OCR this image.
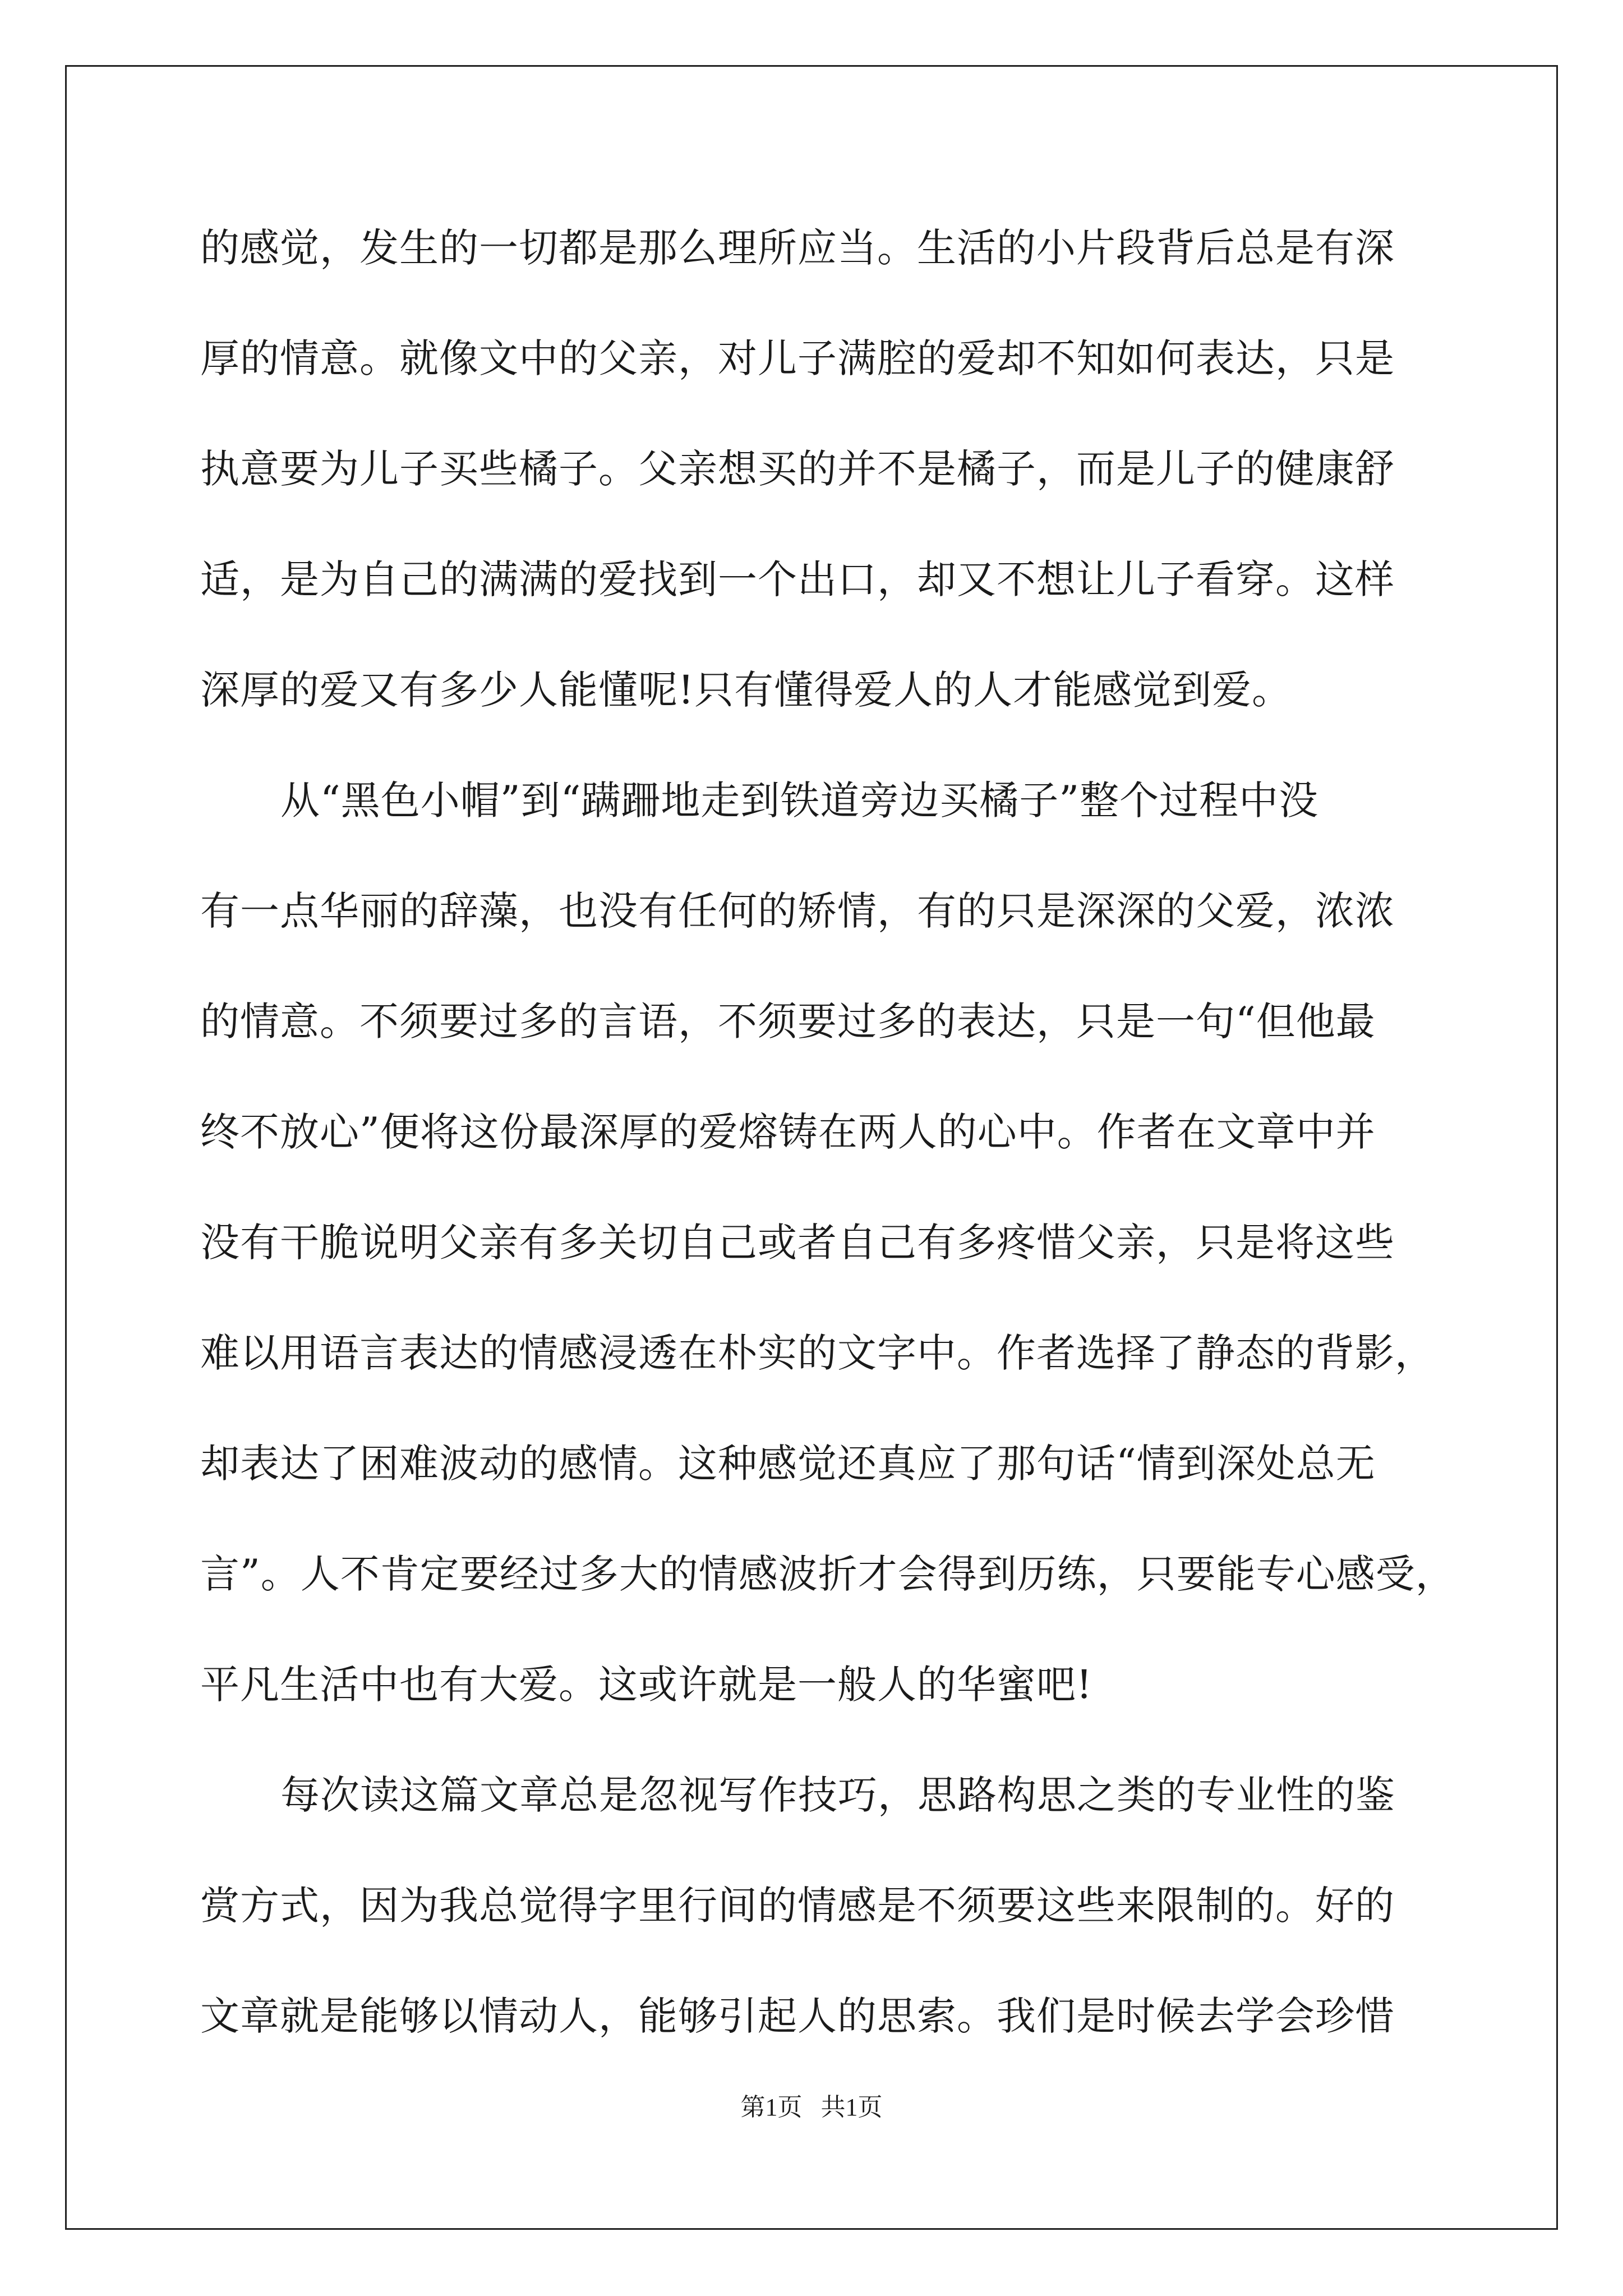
的感觉，发生的一切都是那么理所应当。生活的小片段背后总是有深
厚的情意。就像文中的父亲，对儿子满腔的爱却不知如何表达，只是
执意要为儿子买些橘子。父亲想买的并不是橘子，而是儿子的健康舒
适，是为自己的满满的爱找到一个出口，却又不想让儿子看穿。这样
深厚的爱又有多少人能懂呢!只有懂得爱人的人才能感觉到爱。
从“黑色小帽”到“蹒跚地走到铁道旁边买橘子”整个过程中没
有一点华丽的辞藻，也没有任何的矫情，有的只是深深的父爱，浓浓
的情意。不须要过多的言语，不须要过多的表达，只是一句“但他最
终不放心”便将这份最深厚的爱熔铸在两人的心中。作者在文章中并
没有干脆说明父亲有多关切自己或者自己有多疼惜父亲，只是将这些
难以用语言表达的情感浸透在朴实的文字中。作者选择了静态的背影，
却表达了困难波动的感情。这种感觉还真应了那句话“情到深处总无
言”。人不肯定要经过多大的情感波折才会得到历练，只要能专心感受，
平凡生活中也有大爱。这或许就是一般人的华蜜吧!
每次读这篇文章总是忽视写作技巧，思路构思之类的专业性的鉴
赏方式，因为我总觉得字里行间的情感是不须要这些来限制的。好的
文章就是能够以情动人，能够引起人的思索。我们是时候去学会珍惜
第1页   共1页
